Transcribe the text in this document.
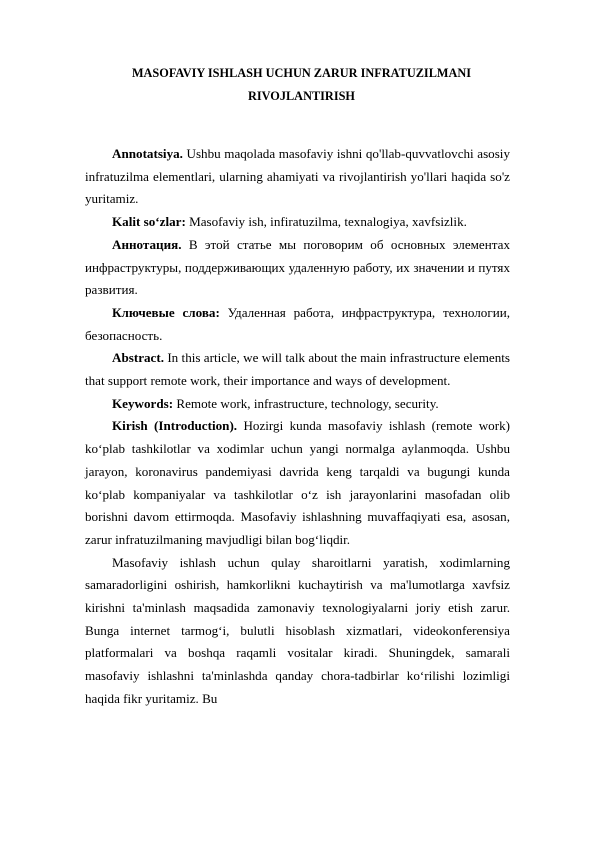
MASOFAVIY ISHLASH UCHUN ZARUR INFRATUZILMANI
RIVOJLANTIRISH

Annotatsiya. Ushbu maqolada masofaviy ishni qo'llab-quvvatlovchi asosiy infratuzilma elementlari, ularning ahamiyati va rivojlantirish yo'llari haqida so'z yuritamiz.

Kalit so‘zlar: Masofaviy ish, infiratuzilma, texnalogiya, xavfsizlik.

Аннотация. В этой статье мы поговорим об основных элементах инфраструктуры, поддерживающих удаленную работу, их значении и путях развития.

Ключевые слова: Удаленная работа, инфраструктура, технологии, безопасность.

Abstract. In this article, we will talk about the main infrastructure elements that support remote work, their importance and ways of development.

Keywords: Remote work, infrastructure, technology, security.

Kirish (Introduction). Hozirgi kunda masofaviy ishlash (remote work) ko‘plab tashkilotlar va xodimlar uchun yangi normalga aylanmoqda. Ushbu jarayon, koronavirus pandemiyasi davrida keng tarqaldi va bugungi kunda ko‘plab kompaniyalar va tashkilotlar o‘z ish jarayonlarini masofadan olib borishni davom ettirmoqda. Masofaviy ishlashning muvaffaqiyati esa, asosan, zarur infratuzilmaning mavjudligi bilan bog‘liqdir.

Masofaviy ishlash uchun qulay sharoitlarni yaratish, xodimlarning samaradorligini oshirish, hamkorlikni kuchaytirish va ma'lumotlarga xavfsiz kirishni ta'minlash maqsadida zamonaviy texnologiyalarni joriy etish zarur. Bunga internet tarmog‘i, bulutli hisoblash xizmatlari, videokonferensiya platformalari va boshqa raqamli vositalar kiradi. Shuningdek, samarali masofaviy ishlashni ta'minlashda qanday chora-tadbirlar ko‘rilishi lozimligi haqida fikr yuritamiz. Bu
